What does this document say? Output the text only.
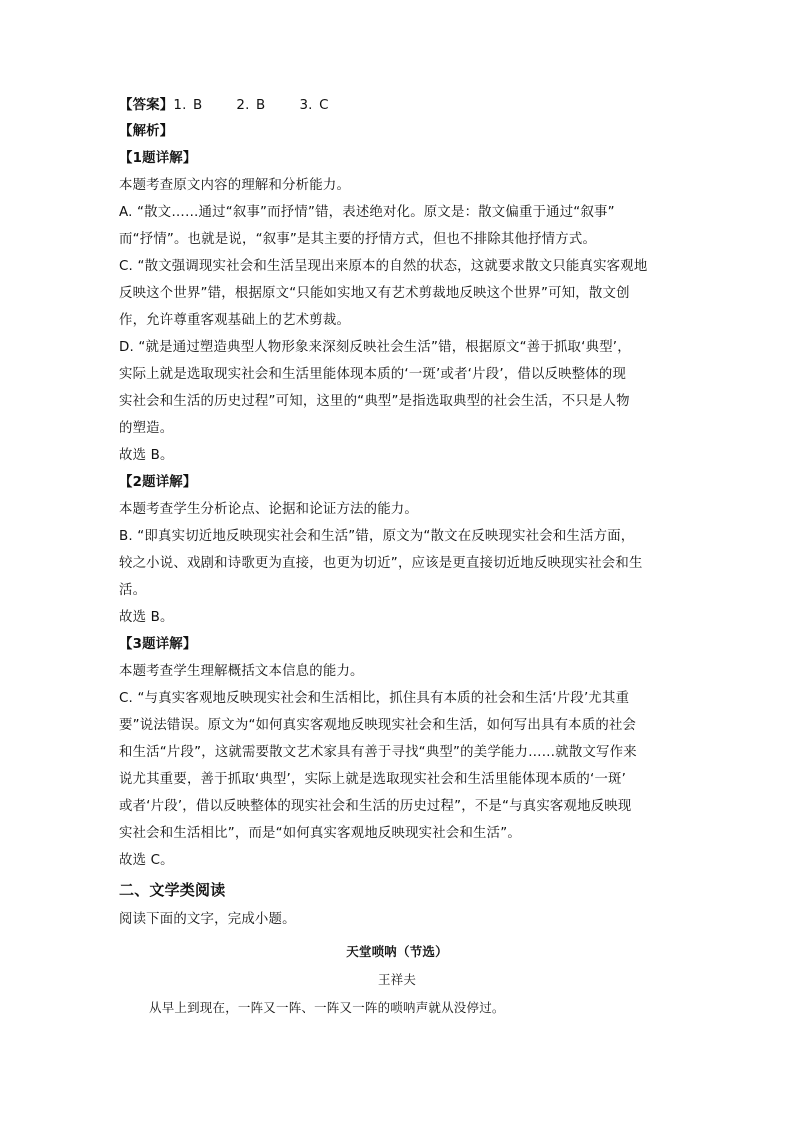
【答案】1. B	2. B	3. C
【解析】
【1题详解】
本题考查原文内容的理解和分析能力。
A. “散文……通过“叙事”而抒情”错，表述绝对化。原文是：散文偏重于通过“叙事”
而“抒情”。也就是说，“叙事”是其主要的抒情方式，但也不排除其他抒情方式。
C. “散文强调现实社会和生活呈现出来原本的自然的状态，这就要求散文只能真实客观地
反映这个世界”错，根据原文“只能如实地又有艺术剪裁地反映这个世界”可知，散文创
作，允许尊重客观基础上的艺术剪裁。
D. “就是通过塑造典型人物形象来深刻反映社会生活”错，根据原文“善于抓取‘典型’，
实际上就是选取现实社会和生活里能体现本质的‘一斑’或者‘片段’，借以反映整体的现
实社会和生活的历史过程”可知，这里的“典型”是指选取典型的社会生活，不只是人物
的塑造。
故选 B。
【2题详解】
本题考查学生分析论点、论据和论证方法的能力。
B. “即真实切近地反映现实社会和生活”错，原文为“散文在反映现实社会和生活方面，
较之小说、戏剧和诗歌更为直接，也更为切近”，应该是更直接切近地反映现实社会和生
活。
故选 B。
【3题详解】
本题考查学生理解概括文本信息的能力。
C. “与真实客观地反映现实社会和生活相比，抓住具有本质的社会和生活‘片段’尤其重
要”说法错误。原文为“如何真实客观地反映现实社会和生活，如何写出具有本质的社会
和生活“片段”，这就需要散文艺术家具有善于寻找“典型”的美学能力……就散文写作来
说尤其重要，善于抓取‘典型’，实际上就是选取现实社会和生活里能体现本质的‘一斑’
或者‘片段’，借以反映整体的现实社会和生活的历史过程”，不是“与真实客观地反映现
实社会和生活相比”，而是“如何真实客观地反映现实社会和生活”。
故选 C。
二、文学类阅读
阅读下面的文字，完成小题。
天堂唢呐（节选）
王祥夫
从早上到现在，一阵又一阵、一阵又一阵的唢呐声就从没停过。
